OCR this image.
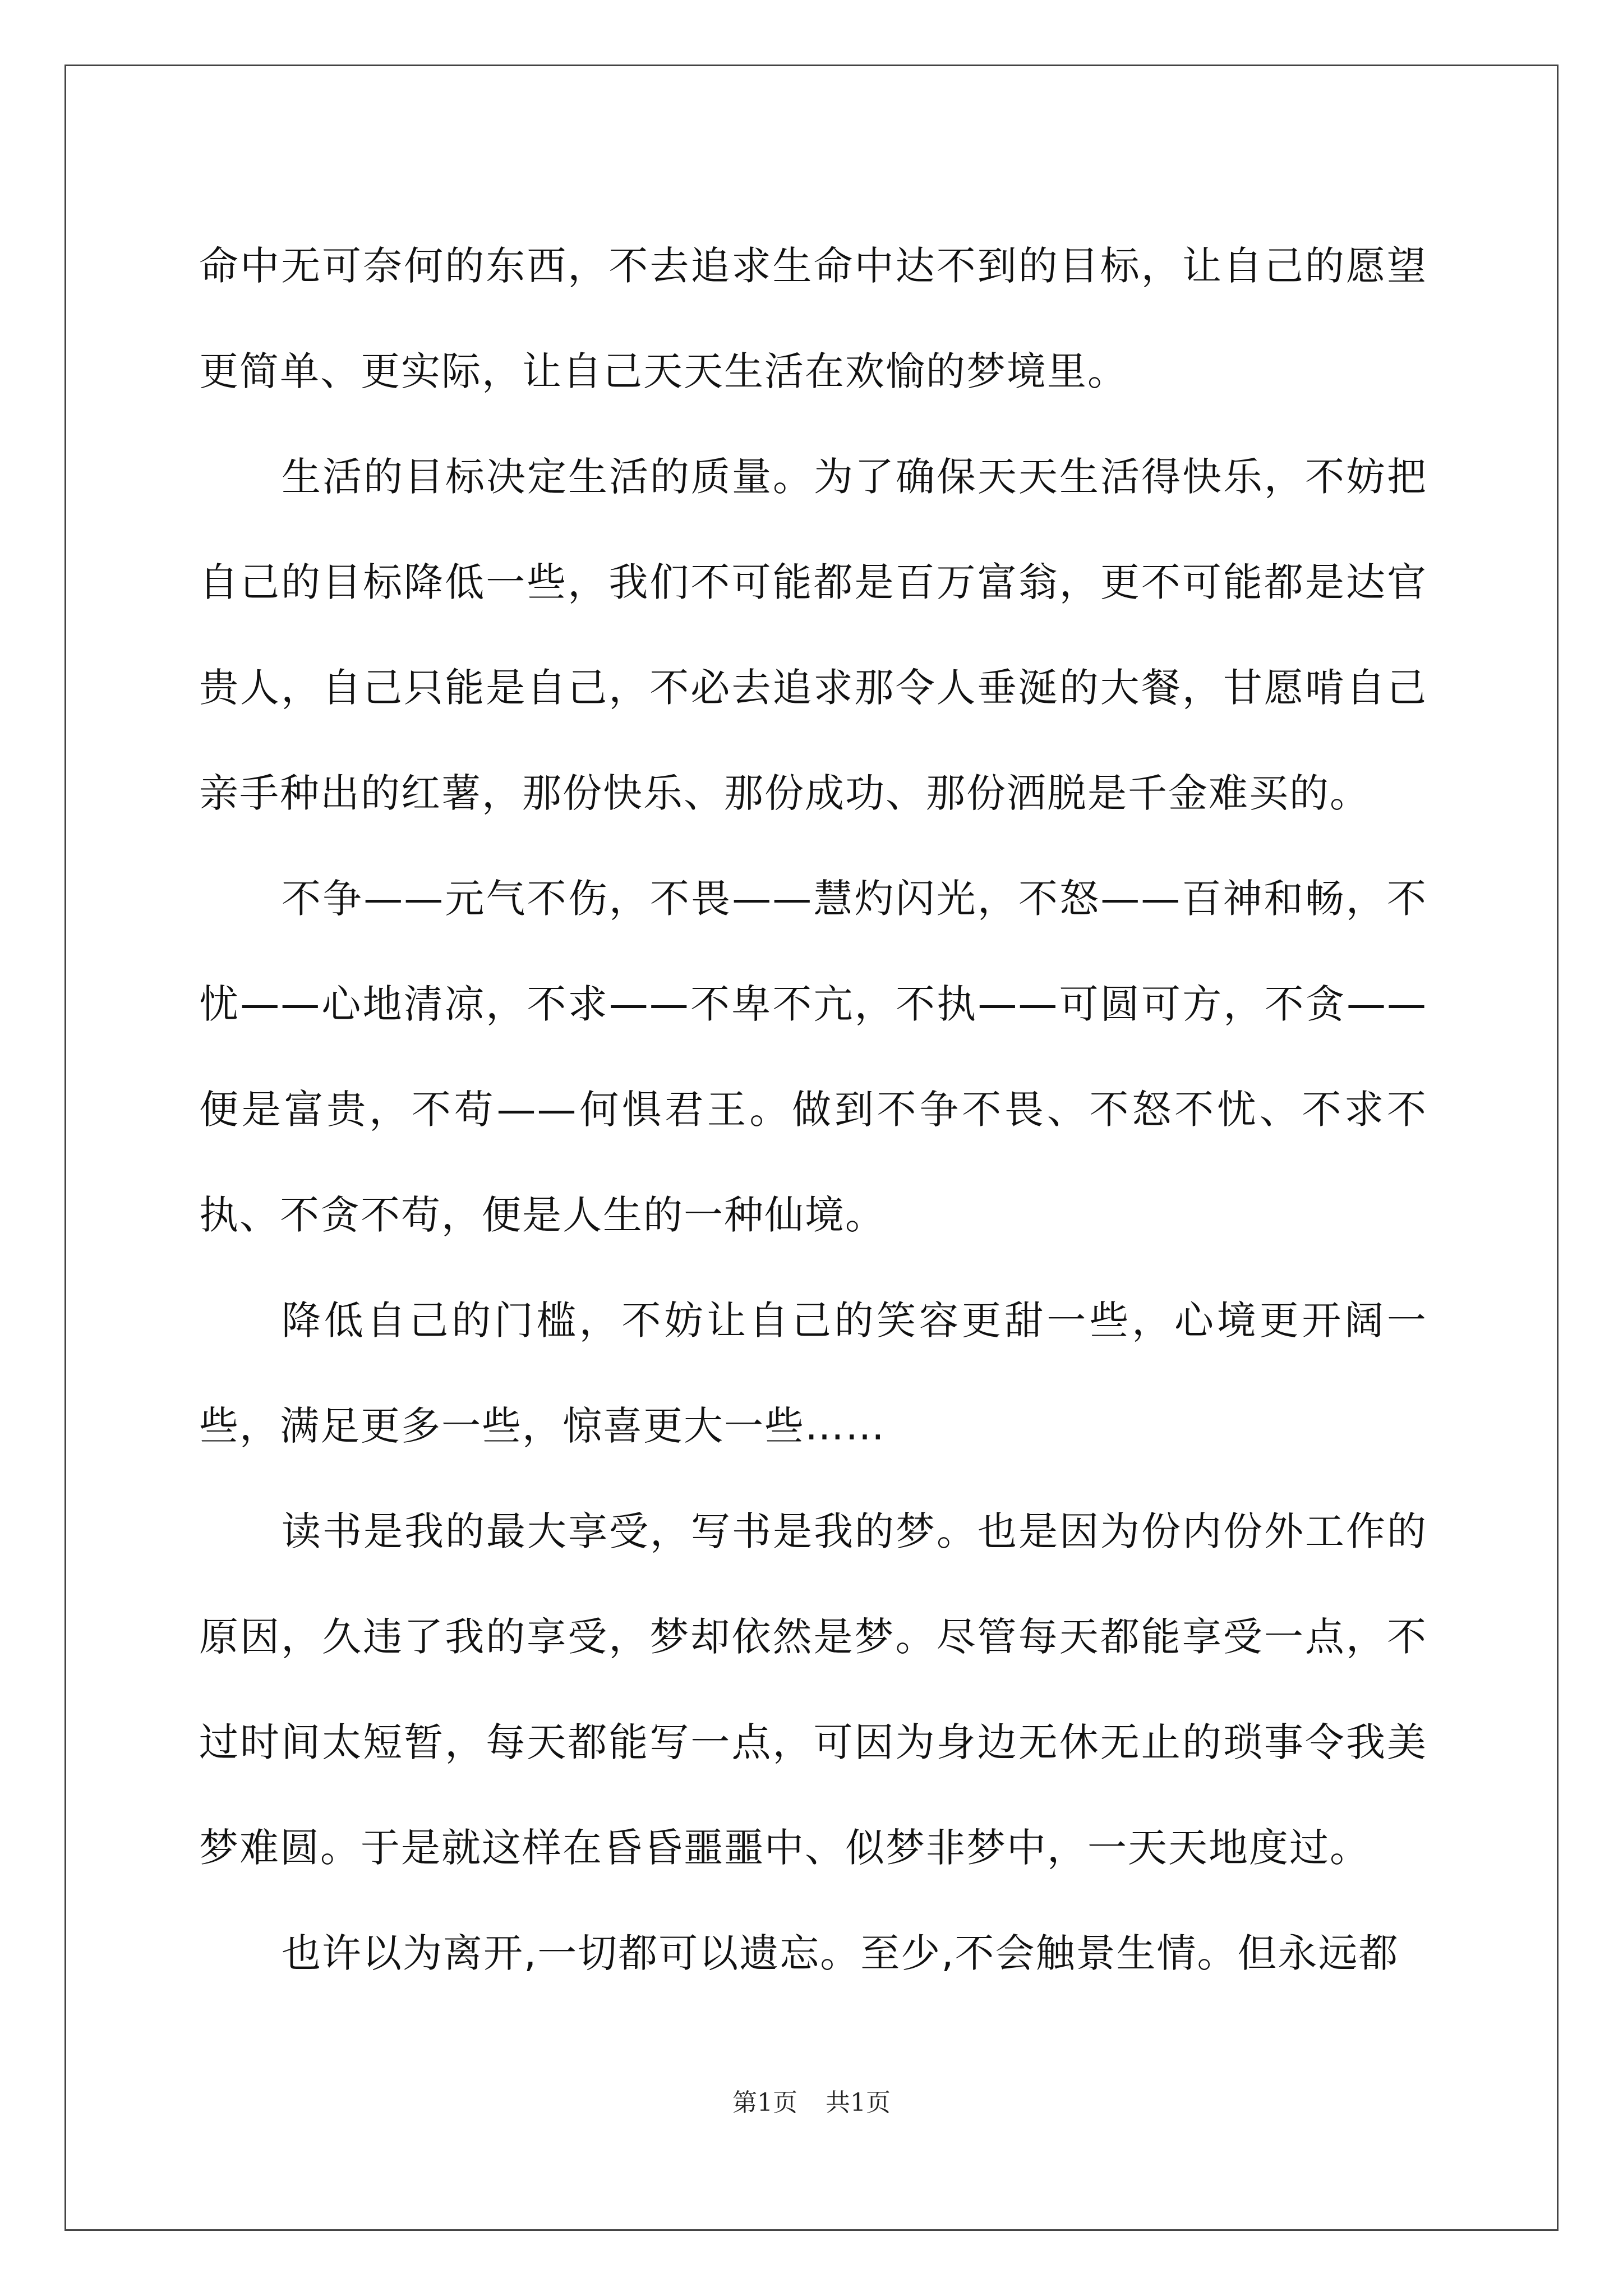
命中无可奈何的东西，不去追求生命中达不到的目标，让自己的愿望更简单、更实际，让自己天天生活在欢愉的梦境里。

生活的目标决定生活的质量。为了确保天天生活得快乐，不妨把自己的目标降低一些，我们不可能都是百万富翁，更不可能都是达官贵人，自己只能是自己，不必去追求那令人垂涎的大餐，甘愿啃自己亲手种出的红薯，那份快乐、那份成功、那份洒脱是千金难买的。

不争——元气不伤，不畏——慧灼闪光，不怒——百神和畅，不忧——心地清凉，不求——不卑不亢，不执——可圆可方，不贪——便是富贵，不苟——何惧君王。做到不争不畏、不怒不忧、不求不执、不贪不苟，便是人生的一种仙境。

降低自己的门槛，不妨让自己的笑容更甜一些，心境更开阔一些，满足更多一些，惊喜更大一些……

读书是我的最大享受，写书是我的梦。也是因为份内份外工作的原因，久违了我的享受，梦却依然是梦。尽管每天都能享受一点，不过时间太短暂，每天都能写一点，可因为身边无休无止的琐事令我美梦难圆。于是就这样在昏昏噩噩中、似梦非梦中，一天天地度过。

也许以为离开,一切都可以遗忘。至少,不会触景生情。但永远都

第1页 共1页
